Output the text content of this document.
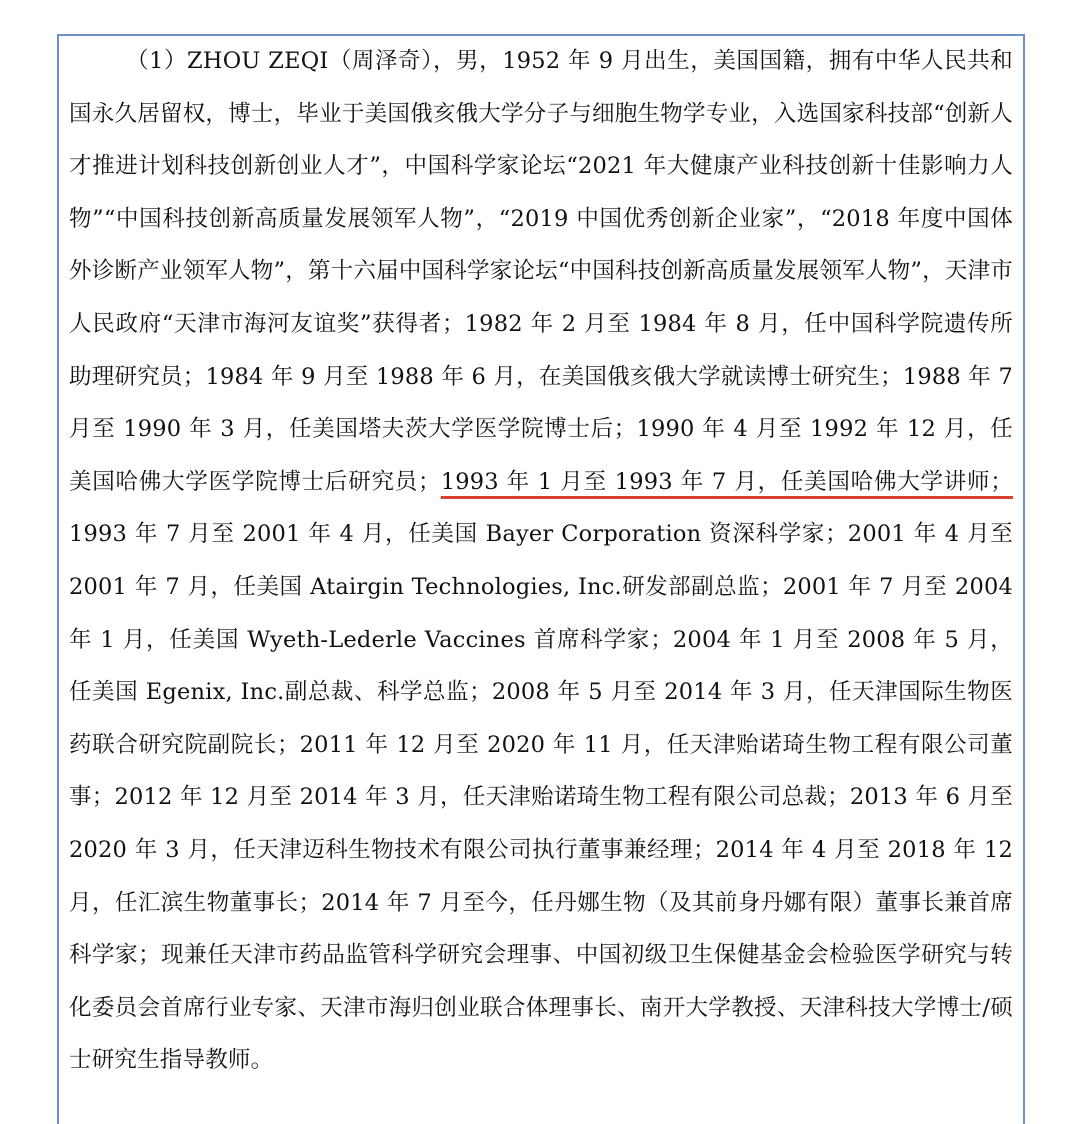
（1）ZHOU ZEQI（周泽奇），男，1952 年 9 月出生，美国国籍，拥有中华人民共和国永久居留权，博士，毕业于美国俄亥俄大学分子与细胞生物学专业，入选国家科技部“创新人才推进计划科技创新创业人才”，中国科学家论坛“2021 年大健康产业科技创新十佳影响力人物”“中国科技创新高质量发展领军人物”，“2019 中国优秀创新企业家”，“2018 年度中国体外诊断产业领军人物”，第十六届中国科学家论坛“中国科技创新高质量发展领军人物”，天津市人民政府“天津市海河友谊奖”获得者；1982 年 2 月至 1984 年 8 月，任中国科学院遗传所助理研究员；1984 年 9 月至 1988 年 6 月，在美国俄亥俄大学就读博士研究生；1988 年 7 月至 1990 年 3 月，任美国塔夫茨大学医学院博士后；1990 年 4 月至 1992 年 12 月，任美国哈佛大学医学院博士后研究员；1993 年 1 月至 1993 年 7 月，任美国哈佛大学讲师；1993 年 7 月至 2001 年 4 月，任美国 Bayer Corporation 资深科学家；2001 年 4 月至 2001 年 7 月，任美国 Atairgin Technologies, Inc.研发部副总监；2001 年 7 月至 2004 年 1 月，任美国 Wyeth-Lederle Vaccines 首席科学家；2004 年 1 月至 2008 年 5 月，任美国 Egenix, Inc.副总裁、科学总监；2008 年 5 月至 2014 年 3 月，任天津国际生物医药联合研究院副院长；2011 年 12 月至 2020 年 11 月，任天津贻诺琦生物工程有限公司董事；2012 年 12 月至 2014 年 3 月，任天津贻诺琦生物工程有限公司总裁；2013 年 6 月至 2020 年 3 月，任天津迈科生物技术有限公司执行董事兼经理；2014 年 4 月至 2018 年 12 月，任汇滨生物董事长；2014 年 7 月至今，任丹娜生物（及其前身丹娜有限）董事长兼首席科学家；现兼任天津市药品监管科学研究会理事、中国初级卫生保健基金会检验医学研究与转化委员会首席行业专家、天津市海归创业联合体理事长、南开大学教授、天津科技大学博士/硕士研究生指导教师。
